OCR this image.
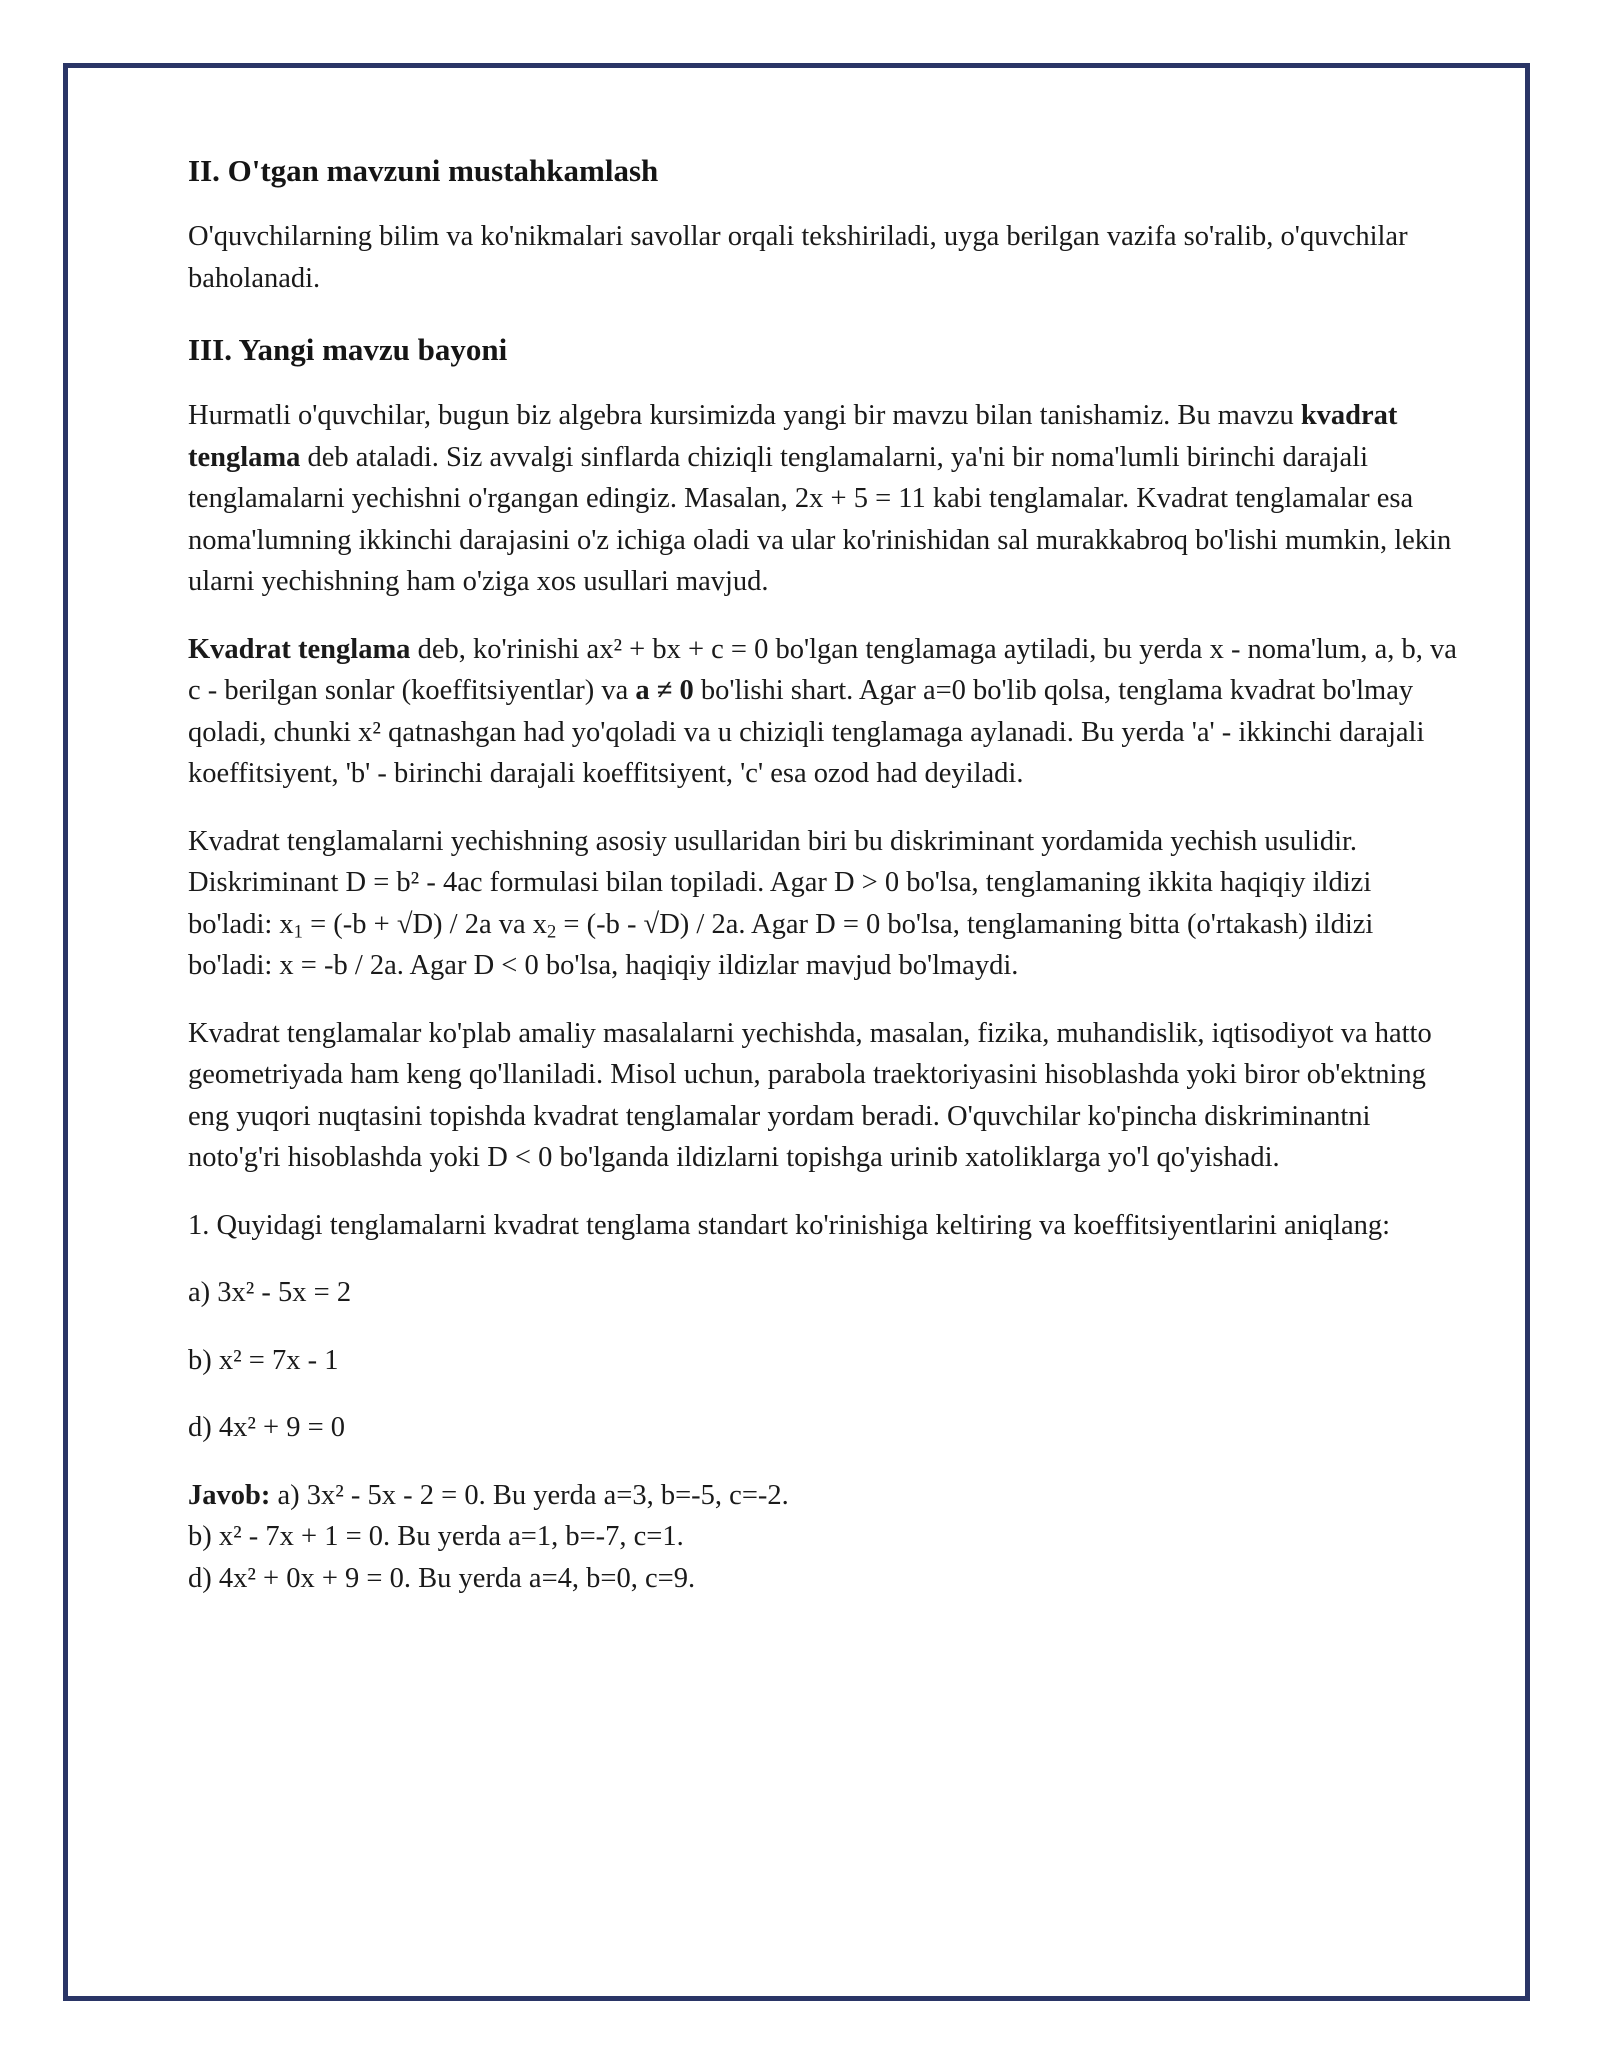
II. O'tgan mavzuni mustahkamlash

O'quvchilarning bilim va ko'nikmalari savollar orqali tekshiriladi, uyga berilgan vazifa so'ralib, o'quvchilar baholanadi.

III. Yangi mavzu bayoni

Hurmatli o'quvchilar, bugun biz algebra kursimizda yangi bir mavzu bilan tanishamiz. Bu mavzu kvadrat tenglama deb ataladi. Siz avvalgi sinflarda chiziqli tenglamalarni, ya'ni bir noma'lumli birinchi darajali tenglamalarni yechishni o'rgangan edingiz. Masalan, 2x + 5 = 11 kabi tenglamalar. Kvadrat tenglamalar esa noma'lumning ikkinchi darajasini o'z ichiga oladi va ular ko'rinishidan sal murakkabroq bo'lishi mumkin, lekin ularni yechishning ham o'ziga xos usullari mavjud.

Kvadrat tenglama deb, ko'rinishi ax² + bx + c = 0 bo'lgan tenglamaga aytiladi, bu yerda x - noma'lum, a, b, va c - berilgan sonlar (koeffitsiyentlar) va a ≠ 0 bo'lishi shart. Agar a=0 bo'lib qolsa, tenglama kvadrat bo'lmay qoladi, chunki x² qatnashgan had yo'qoladi va u chiziqli tenglamaga aylanadi. Bu yerda 'a' - ikkinchi darajali koeffitsiyent, 'b' - birinchi darajali koeffitsiyent, 'c' esa ozod had deyiladi.

Kvadrat tenglamalarni yechishning asosiy usullaridan biri bu diskriminant yordamida yechish usulidir. Diskriminant D = b² - 4ac formulasi bilan topiladi. Agar D > 0 bo'lsa, tenglamaning ikkita haqiqiy ildizi bo'ladi: $x_1 = (-b + √D) / 2a$ va $x_2 = (-b - √D) / 2a$. Agar D = 0 bo'lsa, tenglamaning bitta (o'rtakash) ildizi bo'ladi: x = -b / 2a. Agar D < 0 bo'lsa, haqiqiy ildizlar mavjud bo'lmaydi.

Kvadrat tenglamalar ko'plab amaliy masalalarni yechishda, masalan, fizika, muhandislik, iqtisodiyot va hatto geometriyada ham keng qo'llaniladi. Misol uchun, parabola traektoriyasini hisoblashda yoki biror ob'ektning eng yuqori nuqtasini topishda kvadrat tenglamalar yordam beradi. O'quvchilar ko'pincha diskriminantni noto'g'ri hisoblashda yoki D < 0 bo'lganda ildizlarni topishga urinib xatoliklarga yo'l qo'yishadi.

1. Quyidagi tenglamalarni kvadrat tenglama standart ko'rinishiga keltiring va koeffitsiyentlarini aniqlang:

a) 3x² - 5x = 2

b) x² = 7x - 1

d) 4x² + 9 = 0

Javob: a) 3x² - 5x - 2 = 0. Bu yerda a=3, b=-5, c=-2.
b) x² - 7x + 1 = 0. Bu yerda a=1, b=-7, c=1.
d) 4x² + 0x + 9 = 0. Bu yerda a=4, b=0, c=9.
